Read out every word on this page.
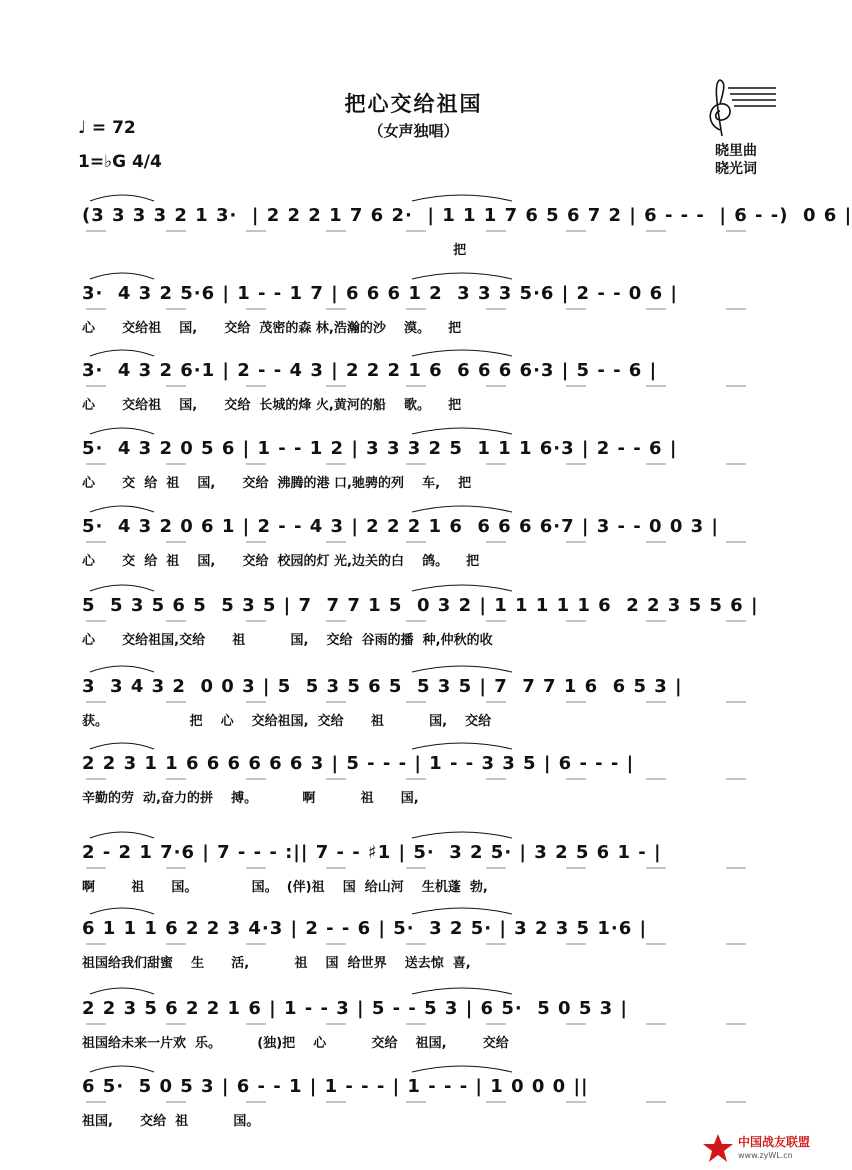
把心交给祖国
（女声独唱）
♩ = 72
1=♭G 4/4
晓里曲
晓光词
中国战友联盟
www.zyWL.cn
(3 3 3 3 2 1 3·  | 2 2 2 1 7 6 2·  | 1 1 1 7 6 5 6 7 2 | 6 - - -  | 6 - -)  0 6 |
把
3·  4 3 2 5·6 | 1 - - 1 7 | 6 6 6 1 2  3 3 3 5·6 | 2 - - 0 6 |
心      交给祖    国,      交给  茂密的森 林,浩瀚的沙    漠。    把
3·  4 3 2 6·1 | 2 - - 4 3 | 2 2 2 1 6  6 6 6 6·3 | 5 - - 6 |
心      交给祖    国,      交给  长城的烽 火,黄河的船    歌。    把
5·  4 3 2 0 5 6 | 1 - - 1 2 | 3 3 3 2 5  1 1 1 6·3 | 2 - - 6 |
心      交  给  祖    国,      交给  沸腾的港 口,驰骋的列    车,    把
5·  4 3 2 0 6 1 | 2 - - 4 3 | 2 2 2 1 6  6 6 6 6·7 | 3 - - 0 0 3 |
心      交  给  祖    国,      交给  校园的灯 光,边关的白    鸽。    把
5  5 3 5 6 5  5 3 5 | 7  7 7 1 5  0 3 2 | 1 1 1 1 1 6  2 2 3 5 5 6 |
心      交给祖国,交给      祖          国,    交给  谷雨的播  种,仲秋的收
3  3 4 3 2  0 0 3 | 5  5 3 5 6 5  5 3 5 | 7  7 7 1 6  6 5 3 |
获。                  把    心    交给祖国,  交给      祖          国,    交给
2 2 3 1 1 6 6 6 6 6 6 3 | 5 - - - | 1 - - 3 3 5 | 6 - - - |
辛勤的劳  动,奋力的拼    搏。          啊          祖      国,
2 - 2 1 7·6 | 7 - - - :|| 7 - - ♯1 | 5·  3 2 5· | 3 2 5 6 1 - |
啊        祖      国。            国。  (伴)祖    国  给山河    生机蓬  勃,
6 1 1 1 6 2 2 3 4·3 | 2 - - 6 | 5·  3 2 5· | 3 2 3 5 1·6 |
祖国给我们甜蜜    生      活,          祖    国  给世界    送去惊  喜,
2 2 3 5 6 2 2 1 6 | 1 - - 3 | 5 - - 5 3 | 6 5·  5 0 5 3 |
祖国给未来一片欢  乐。        (独)把    心          交给    祖国,        交给
6 5·  5 0 5 3 | 6 - - 1 | 1 - - - | 1 - - - | 1 0 0 0 ||
祖国,      交给  祖          国。
